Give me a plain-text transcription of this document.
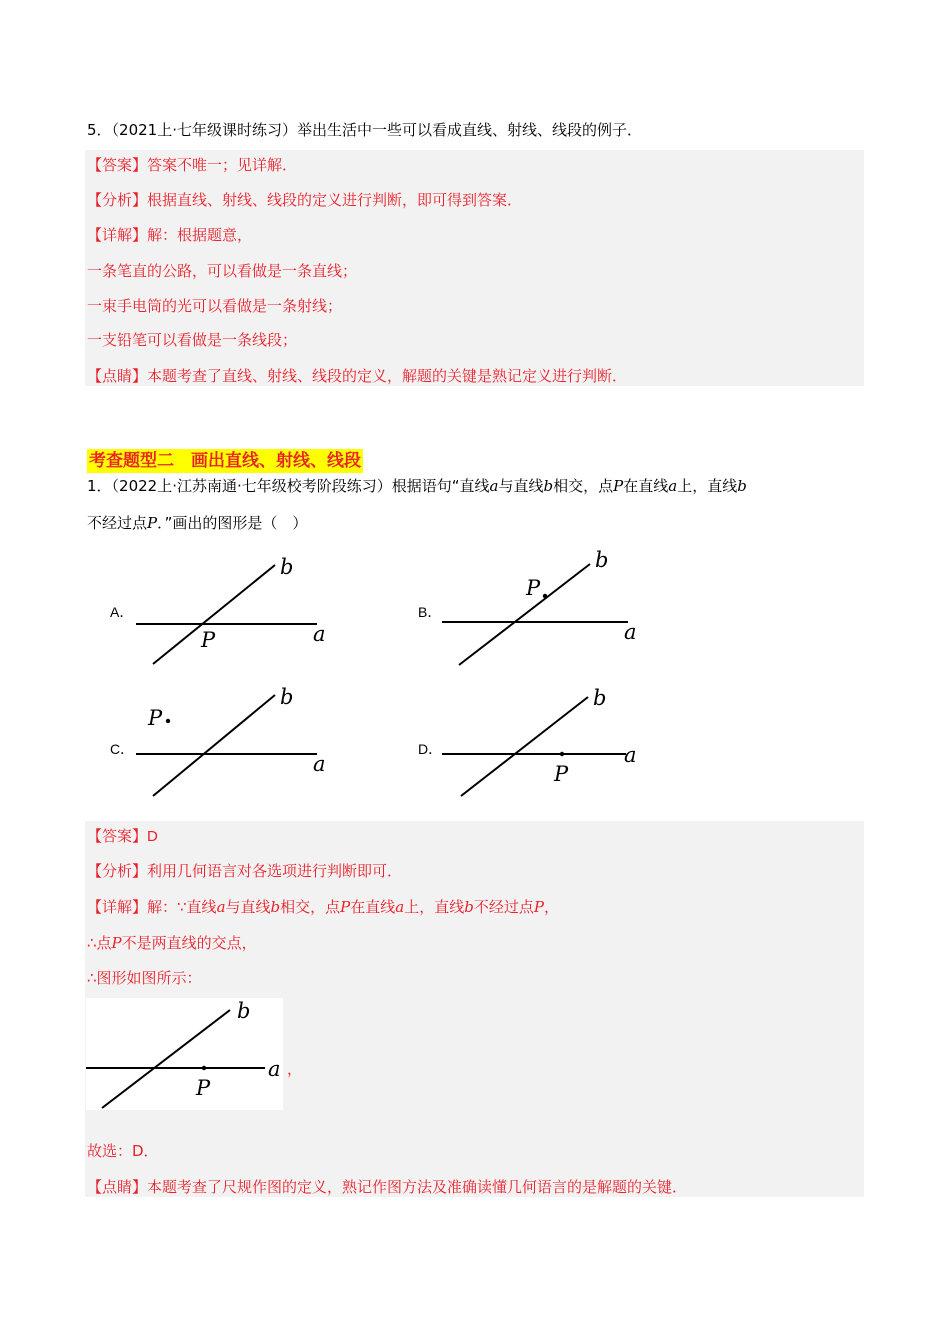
5．（2021上·七年级课时练习）举出生活中一些可以看成直线、射线、线段的例子．
【答案】答案不唯一；见详解．
【分析】根据直线、射线、线段的定义进行判断，即可得到答案．
【详解】解：根据题意，
一条笔直的公路，可以看做是一条直线；
一束手电筒的光可以看做是一条射线；
一支铅笔可以看做是一条线段；
【点睛】本题考查了直线、射线、线段的定义，解题的关键是熟记定义进行判断．
考查题型二　画出直线、射线、线段
1．（2022上·江苏南通·七年级校考阶段练习）根据语句“直线a与直线b相交，点P在直线a上，直线b
不经过点P．”画出的图形是（　）
A．
b
a
P
B．
b
a
P
C．
b
a
P
D．
b
a
P
【答案】D
【分析】利用几何语言对各选项进行判断即可．
【详解】解：∵直线a与直线b相交，点P在直线a上，直线b不经过点P，
∴点P不是两直线的交点，
∴图形如图所示：
b
a
P
，
故选：D．
【点睛】本题考查了尺规作图的定义，熟记作图方法及准确读懂几何语言的是解题的关键．
